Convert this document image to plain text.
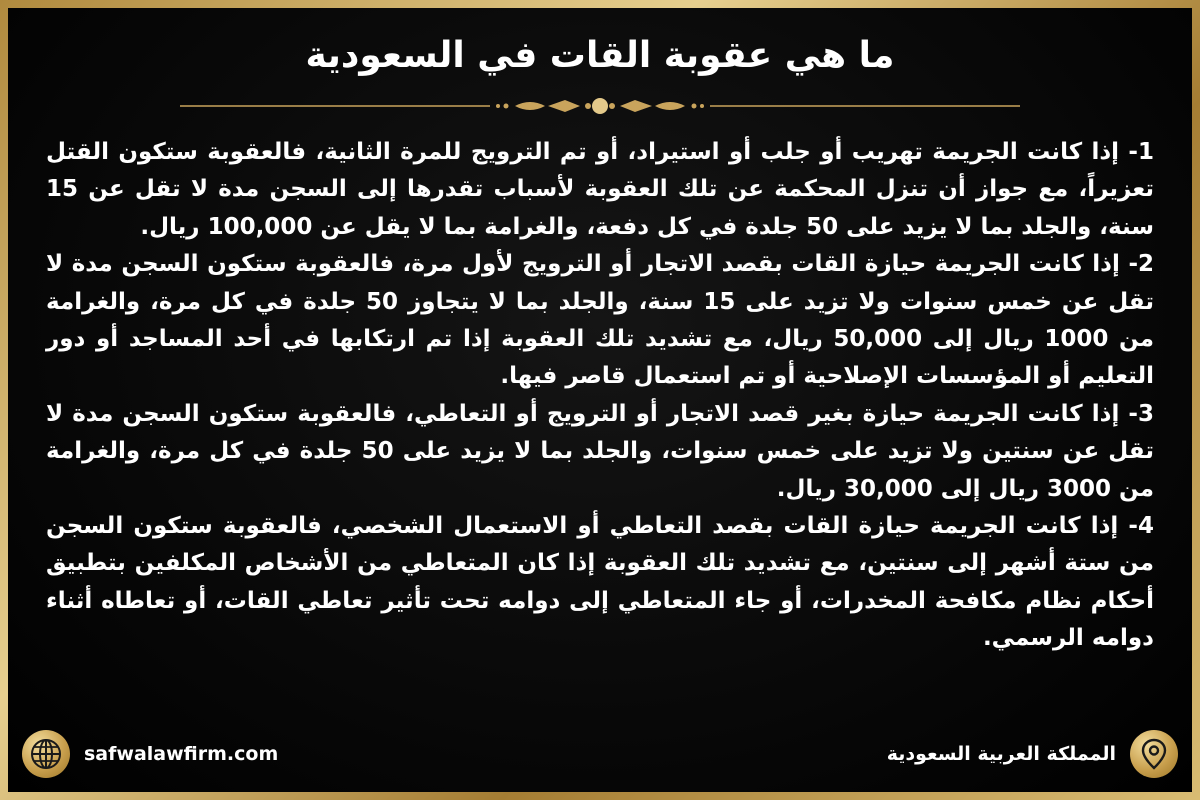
ما هي عقوبة القات في السعودية

1- إذا كانت الجريمة تهريب أو جلب أو استيراد، أو تم الترويج للمرة الثانية، فالعقوبة ستكون القتل تعزيراً، مع جواز أن تنزل المحكمة عن تلك العقوبة لأسباب تقدرها إلى السجن مدة لا تقل عن 15 سنة، والجلد بما لا يزيد على 50 جلدة في كل دفعة، والغرامة بما لا يقل عن 100,000 ريال.

2- إذا كانت الجريمة حيازة القات بقصد الاتجار أو الترويج لأول مرة، فالعقوبة ستكون السجن مدة لا تقل عن خمس سنوات ولا تزيد على 15 سنة، والجلد بما لا يتجاوز 50 جلدة في كل مرة، والغرامة من 1000 ريال إلى 50,000 ريال، مع تشديد تلك العقوبة إذا تم ارتكابها في أحد المساجد أو دور التعليم أو المؤسسات الإصلاحية أو تم استعمال قاصر فيها.

3- إذا كانت الجريمة حيازة بغير قصد الاتجار أو الترويج أو التعاطي، فالعقوبة ستكون السجن مدة لا تقل عن سنتين ولا تزيد على خمس سنوات، والجلد بما لا يزيد على 50 جلدة في كل مرة، والغرامة من 3000 ريال إلى 30,000 ريال.

4- إذا كانت الجريمة حيازة القات بقصد التعاطي أو الاستعمال الشخصي، فالعقوبة ستكون السجن من ستة أشهر إلى سنتين، مع تشديد تلك العقوبة إذا كان المتعاطي من الأشخاص المكلفين بتطبيق أحكام نظام مكافحة المخدرات، أو جاء المتعاطي إلى دوامه تحت تأثير تعاطي القات، أو تعاطاه أثناء دوامه الرسمي.

safwalawfirm.com	المملكة العربية السعودية
